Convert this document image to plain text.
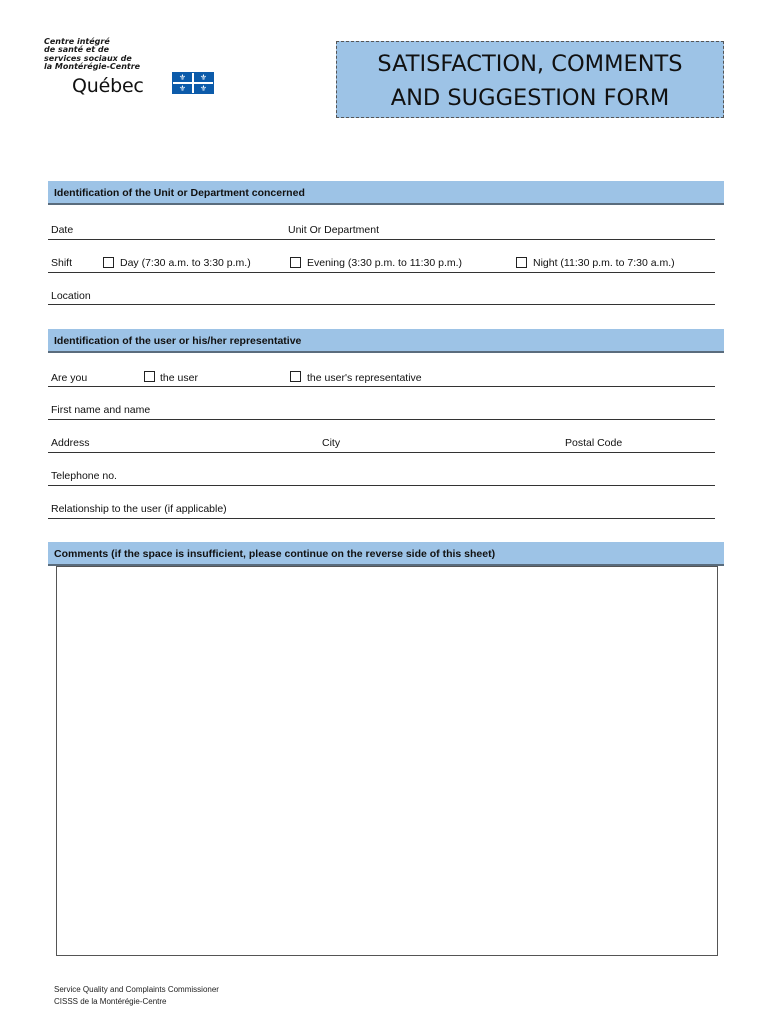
Centre intégré
de santé et de
services sociaux de
la Montérégie-Centre
Québec	⚜	⚜
⚜	⚜
SATISFACTION, COMMENTS
AND SUGGESTION FORM
Identification of the Unit or Department concerned
Date	Unit Or Department
Shift	Day (7:30 a.m. to 3:30 p.m.)	Evening (3:30 p.m. to 11:30 p.m.)	Night (11:30 p.m. to 7:30 a.m.)
Location
Identification of the user or his/her representative
Are you	the user	the user's representative
First name and name
Address	City	Postal Code
Telephone no.
Relationship to the user (if applicable)
Comments (if the space is insufficient, please continue on the reverse side of this sheet)
Service Quality and Complaints Commissioner
CISSS de la Montérégie-Centre
